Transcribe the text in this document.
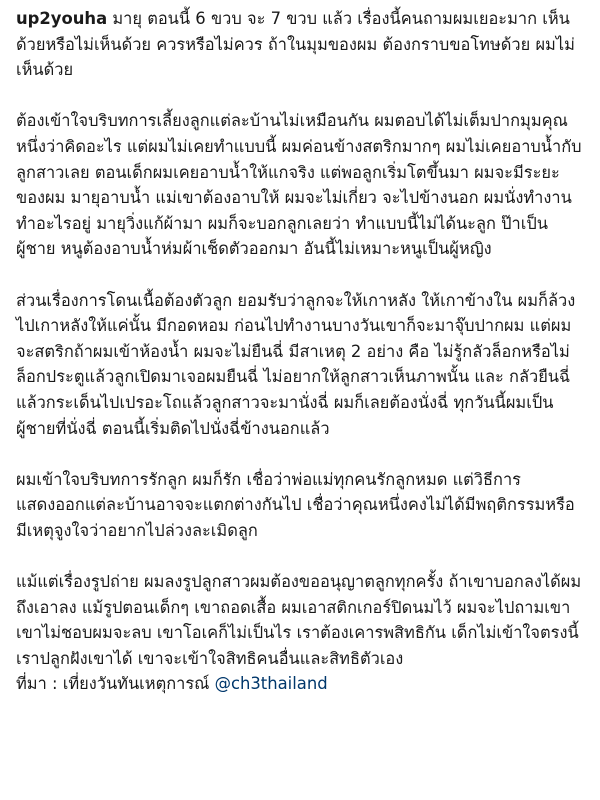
up2youha มายุ ตอนนี้ 6 ขวบ จะ 7 ขวบ แล้ว เรื่องนี้คนถามผมเยอะมาก เห็นด้วยหรือไม่เห็นด้วย ควรหรือไม่ควร ถ้าในมุมของผม ต้องกราบขอโทษด้วย ผมไม่เห็นด้วย

ต้องเข้าใจบริบทการเลี้ยงลูกแต่ละบ้านไม่เหมือนกัน ผมตอบได้ไม่เต็มปากมุมคุณหนึ่งว่าคิดอะไร แต่ผมไม่เคยทำแบบนี้ ผมค่อนข้างสตริกมากๆ ผมไม่เคยอาบน้ำกับลูกสาวเลย ตอนเด็กผมเคยอาบน้ำให้แกจริง แต่พอลูกเริ่มโตขึ้นมา ผมจะมีระยะของผม มายุอาบน้ำ แม่เขาต้องอาบให้ ผมจะไม่เกี่ยว จะไปข้างนอก ผมนั่งทำงานทำอะไรอยู่ มายุวิ่งแก้ผ้ามา ผมก็จะบอกลูกเลยว่า ทำแบบนี้ไม่ได้นะลูก ป๊าเป็นผู้ชาย หนูต้องอาบน้ำห่มผ้าเช็ดตัวออกมา อันนี้ไม่เหมาะหนูเป็นผู้หญิง

ส่วนเรื่องการโดนเนื้อต้องตัวลูก ยอมรับว่าลูกจะให้เกาหลัง ให้เกาข้างใน ผมก็ล้วงไปเกาหลังให้แค่นั้น มีกอดหอม ก่อนไปทำงานบางวันเขาก็จะมาจุ๊บปากผม แต่ผมจะสตริกถ้าผมเข้าห้องน้ำ ผมจะไม่ยืนฉี่ มีสาเหตุ 2 อย่าง คือ ไม่รู้กลัวล็อกหรือไม่ล็อกประตูแล้วลูกเปิดมาเจอผมยืนฉี่ ไม่อยากให้ลูกสาวเห็นภาพนั้น และ กลัวยืนฉี่แล้วกระเด็นไปเปรอะโถแล้วลูกสาวจะมานั่งฉี่ ผมก็เลยต้องนั่งฉี่ ทุกวันนี้ผมเป็นผู้ชายที่นั่งฉี่ ตอนนี้เริ่มติดไปนั่งฉี่ข้างนอกแล้ว

ผมเข้าใจบริบทการรักลูก ผมก็รัก เชื่อว่าพ่อแม่ทุกคนรักลูกหมด แต่วิธีการแสดงออกแต่ละบ้านอาจจะแตกต่างกันไป เชื่อว่าคุณหนึ่งคงไม่ได้มีพฤติกรรมหรือมีเหตุจูงใจว่าอยากไปล่วงละเมิดลูก

แม้แต่เรื่องรูปถ่าย ผมลงรูปลูกสาวผมต้องขออนุญาตลูกทุกครั้ง ถ้าเขาบอกลงได้ผมถึงเอาลง แม้รูปตอนเด็กๆ เขาถอดเสื้อ ผมเอาสติกเกอร์ปิดนมไว้ ผมจะไปถามเขา เขาไม่ชอบผมจะลบ เขาโอเคก็ไม่เป็นไร เราต้องเคารพสิทธิกัน เด็กไม่เข้าใจตรงนี้ เราปลูกฝังเขาได้ เขาจะเข้าใจสิทธิคนอื่นและสิทธิตัวเอง

ที่มา : เที่ยงวันทันเหตุการณ์ @ch3thailand
